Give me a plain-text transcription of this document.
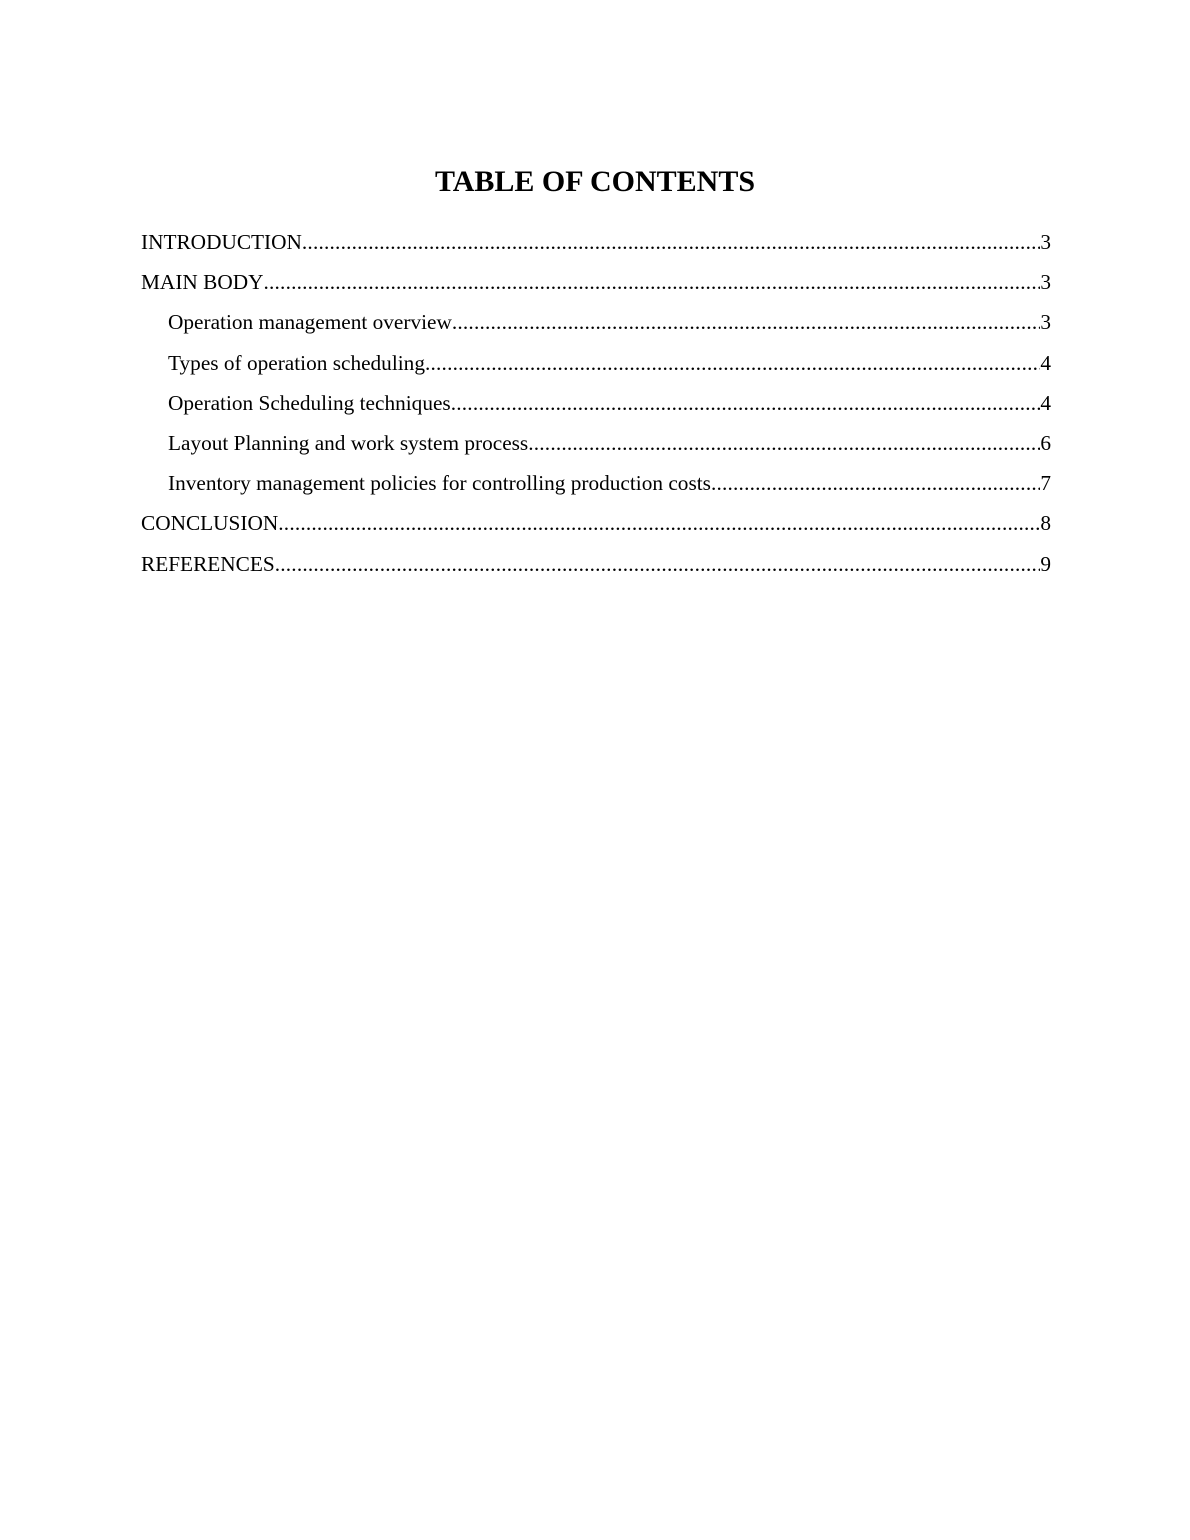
TABLE OF CONTENTS
INTRODUCTION .....	3
MAIN BODY .....	3
Operation management overview .....	3
Types of operation scheduling .....	4
Operation Scheduling techniques .....	4
Layout Planning and work system process .....	6
Inventory management policies for controlling production costs .....	7
CONCLUSION .....	8
REFERENCES .....	9
